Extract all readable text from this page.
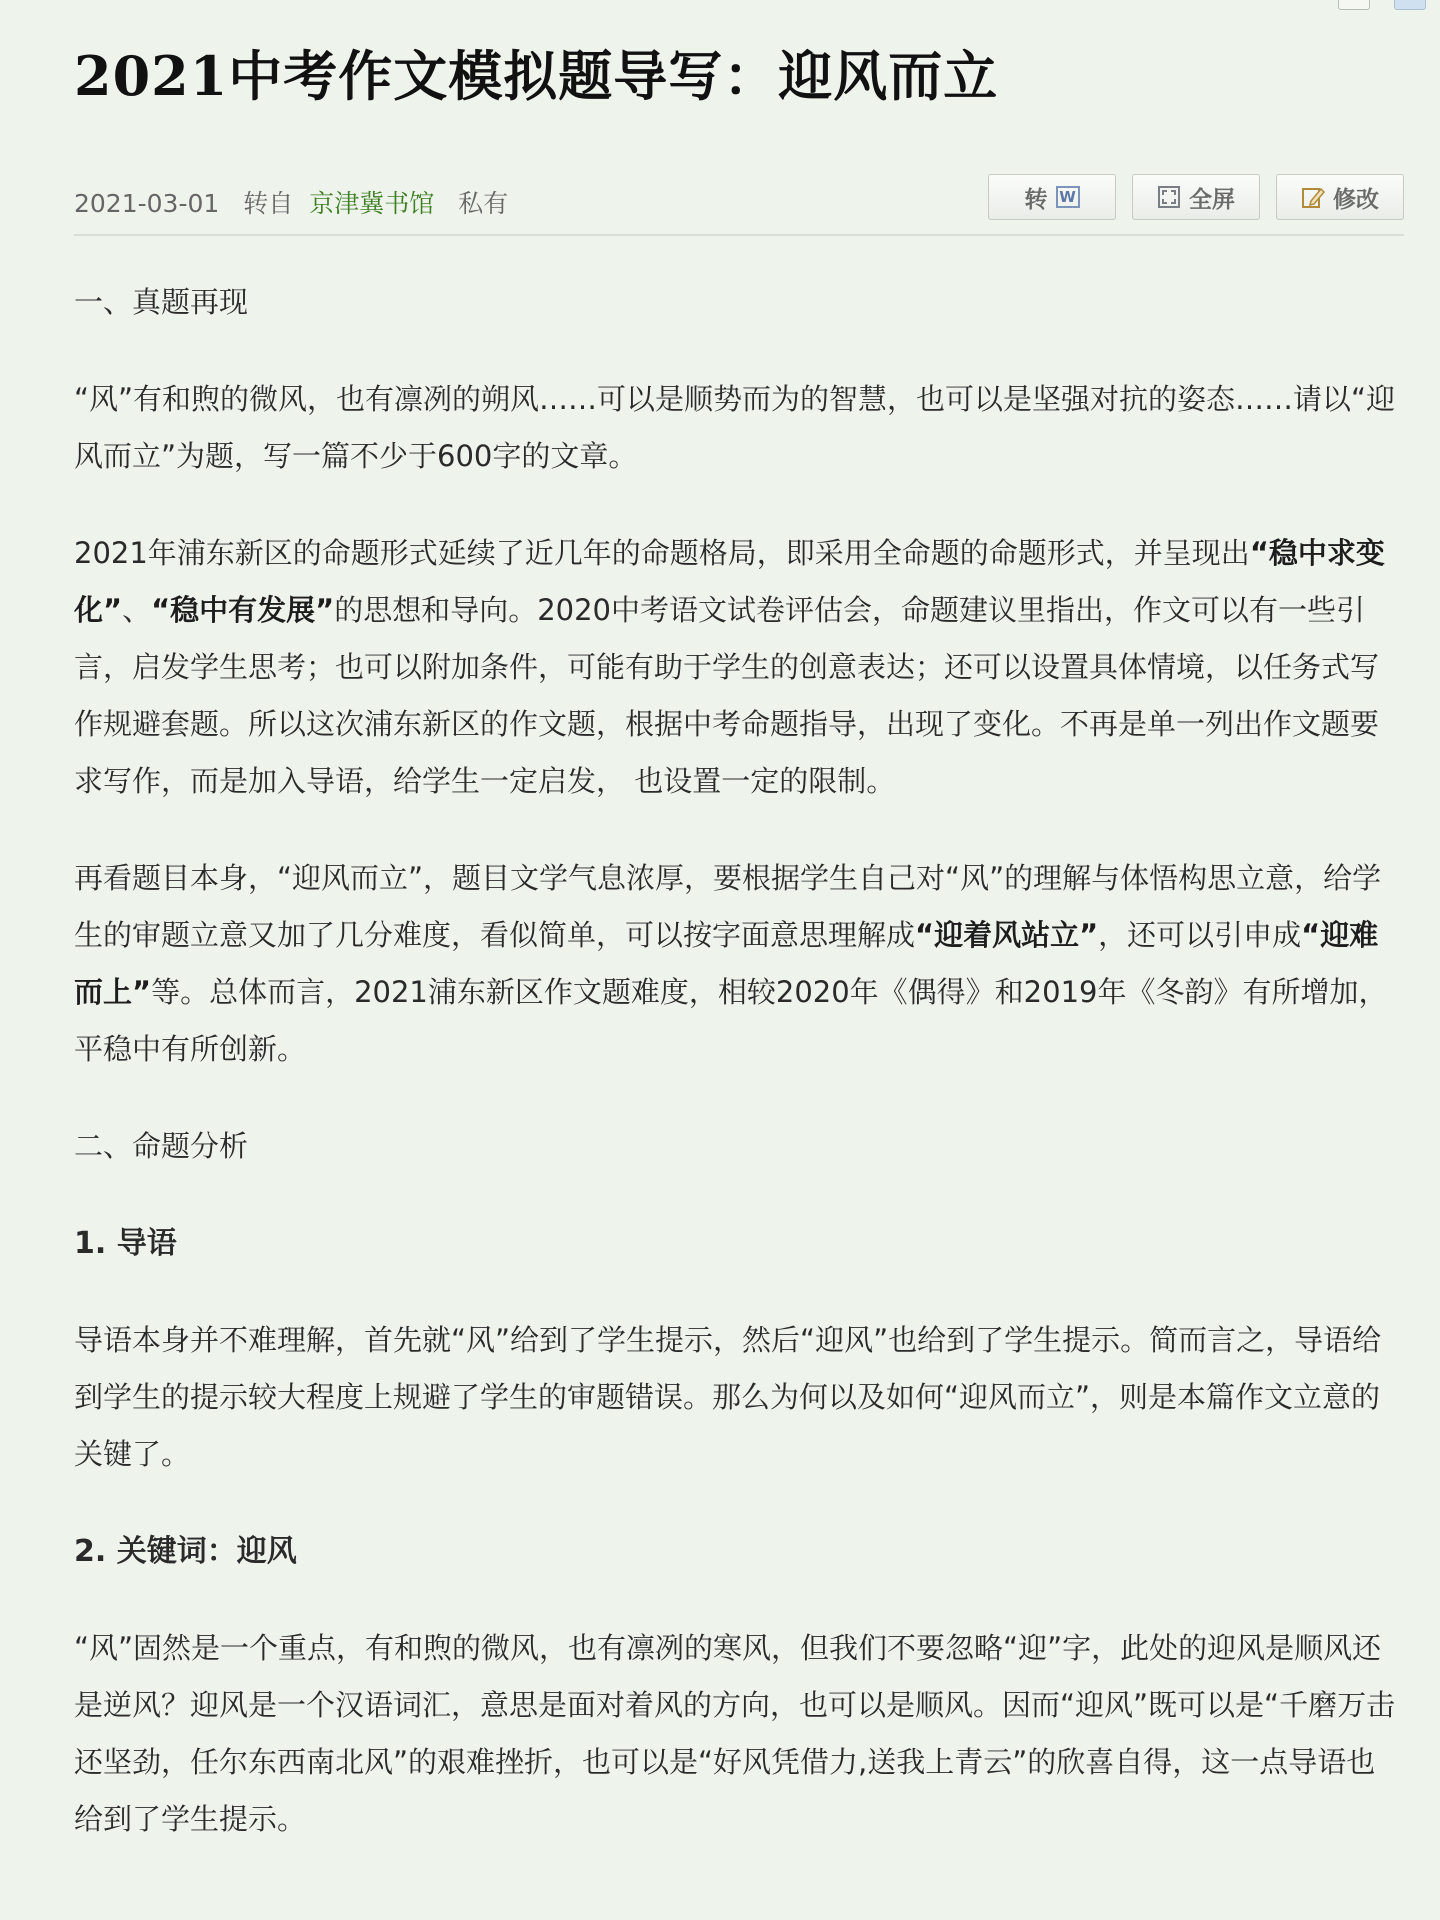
2021中考作文模拟题导写：迎风而立
2021-03-01 转自 京津冀书馆 私有	转 W	全屏	修改

一、真题再现

“风”有和煦的微风，也有凛冽的朔风……可以是顺势而为的智慧，也可以是坚强对抗的姿态……请以“迎风而立”为题，写一篇不少于600字的文章。

2021年浦东新区的命题形式延续了近几年的命题格局，即采用全命题的命题形式，并呈现出“稳中求变化”、“稳中有发展”的思想和导向。2020中考语文试卷评估会，命题建议里指出，作文可以有一些引言，启发学生思考；也可以附加条件，可能有助于学生的创意表达；还可以设置具体情境，以任务式写作规避套题。所以这次浦东新区的作文题，根据中考命题指导，出现了变化。不再是单一列出作文题要求写作，而是加入导语，给学生一定启发， 也设置一定的限制。

再看题目本身，“迎风而立”，题目文学气息浓厚，要根据学生自己对“风”的理解与体悟构思立意，给学生的审题立意又加了几分难度，看似简单，可以按字面意思理解成“迎着风站立”，还可以引申成“迎难而上”等。总体而言，2021浦东新区作文题难度，相较2020年《偶得》和2019年《冬韵》有所增加，平稳中有所创新。

二、命题分析

1. 导语

导语本身并不难理解，首先就“风”给到了学生提示，然后“迎风”也给到了学生提示。简而言之，导语给到学生的提示较大程度上规避了学生的审题错误。那么为何以及如何“迎风而立”，则是本篇作文立意的关键了。

2. 关键词：迎风

“风”固然是一个重点，有和煦的微风，也有凛冽的寒风，但我们不要忽略“迎”字，此处的迎风是顺风还是逆风？迎风是一个汉语词汇，意思是面对着风的方向，也可以是顺风。因而“迎风”既可以是“千磨万击还坚劲，任尔东西南北风”的艰难挫折，也可以是“好风凭借力,送我上青云”的欣喜自得，这一点导语也给到了学生提示。
